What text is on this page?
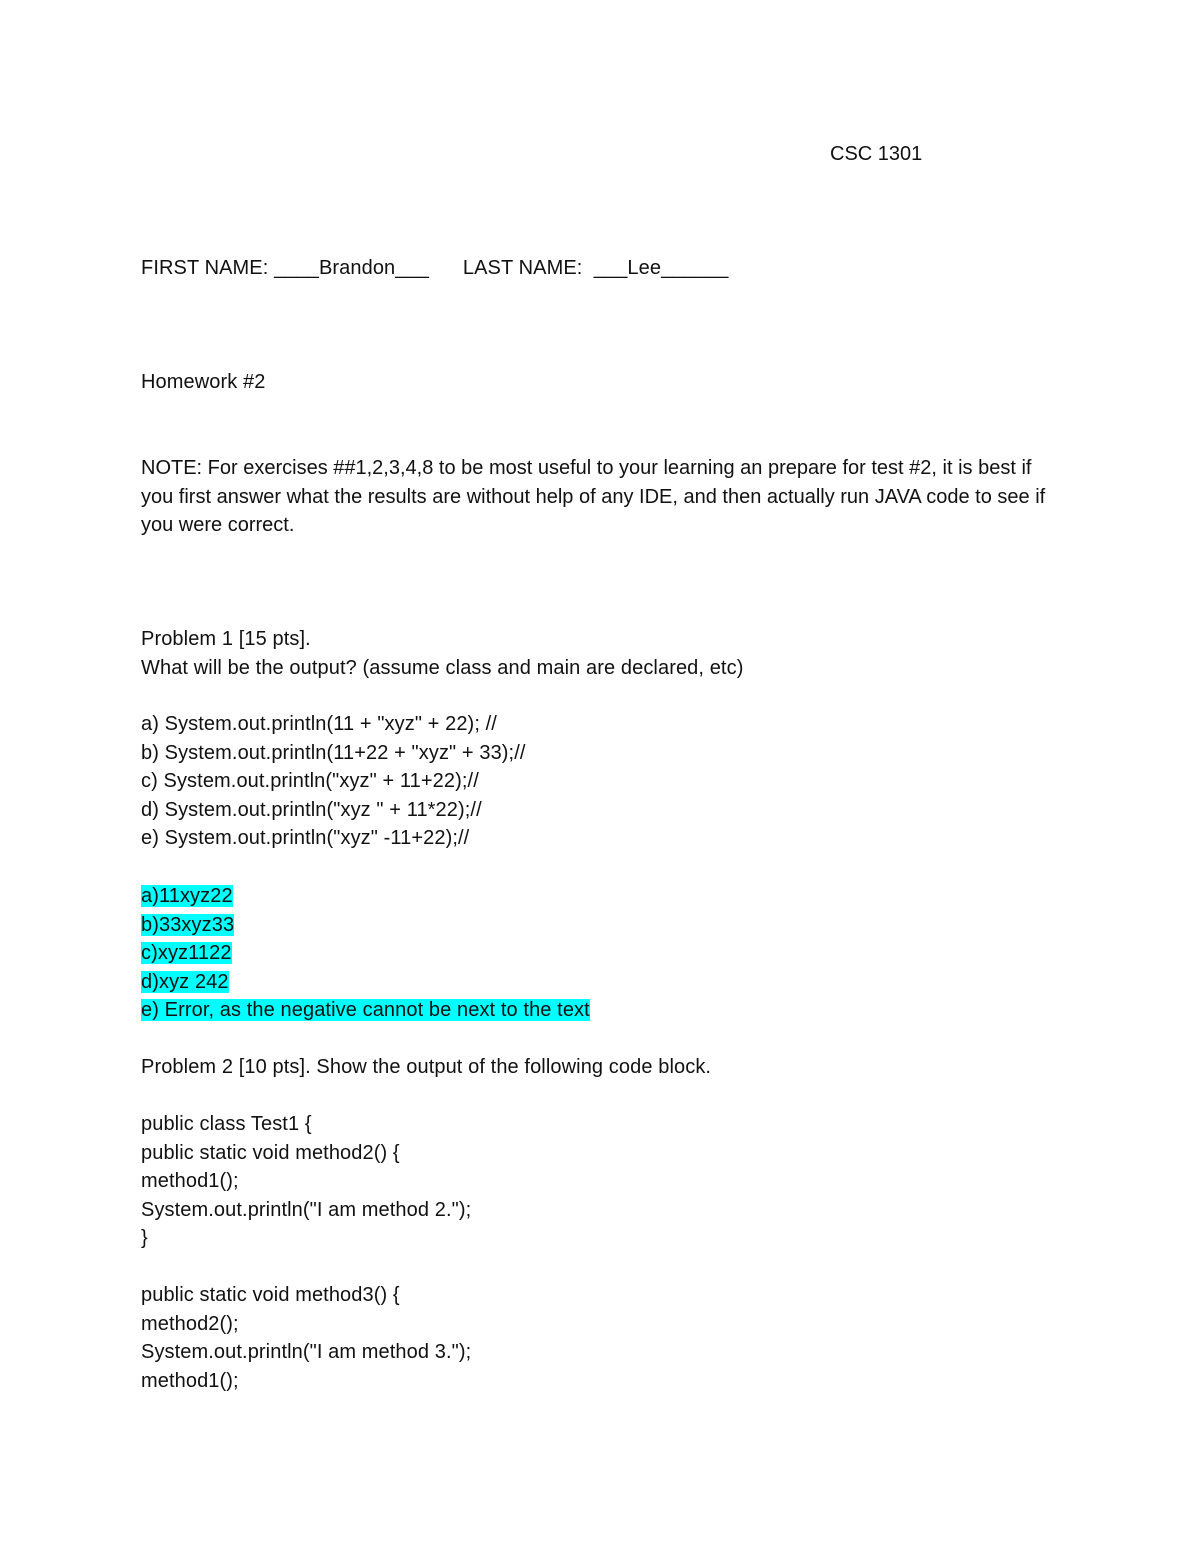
CSC 1301
FIRST NAME: ____Brandon___      LAST NAME:  ___Lee______
Homework #2
NOTE: For exercises ##1,2,3,4,8 to be most useful to your learning an prepare for test #2, it is best if you first answer what the results are without help of any IDE, and then actually run JAVA code to see if you were correct.
Problem 1 [15 pts].
What will be the output? (assume class and main are declared, etc)
a) System.out.println(11 + "xyz" + 22); //
b) System.out.println(11+22 + "xyz" + 33);//
c) System.out.println("xyz" + 11+22);//
d) System.out.println("xyz " + 11*22);//
e) System.out.println("xyz" -11+22);//
a)11xyz22
b)33xyz33
c)xyz1122
d)xyz 242
e) Error, as the negative cannot be next to the text
Problem 2 [10 pts]. Show the output of the following code block.
public class Test1 {
public static void method2() {
method1();
System.out.println("I am method 2.");
}
public static void method3() {
method2();
System.out.println("I am method 3.");
method1();
